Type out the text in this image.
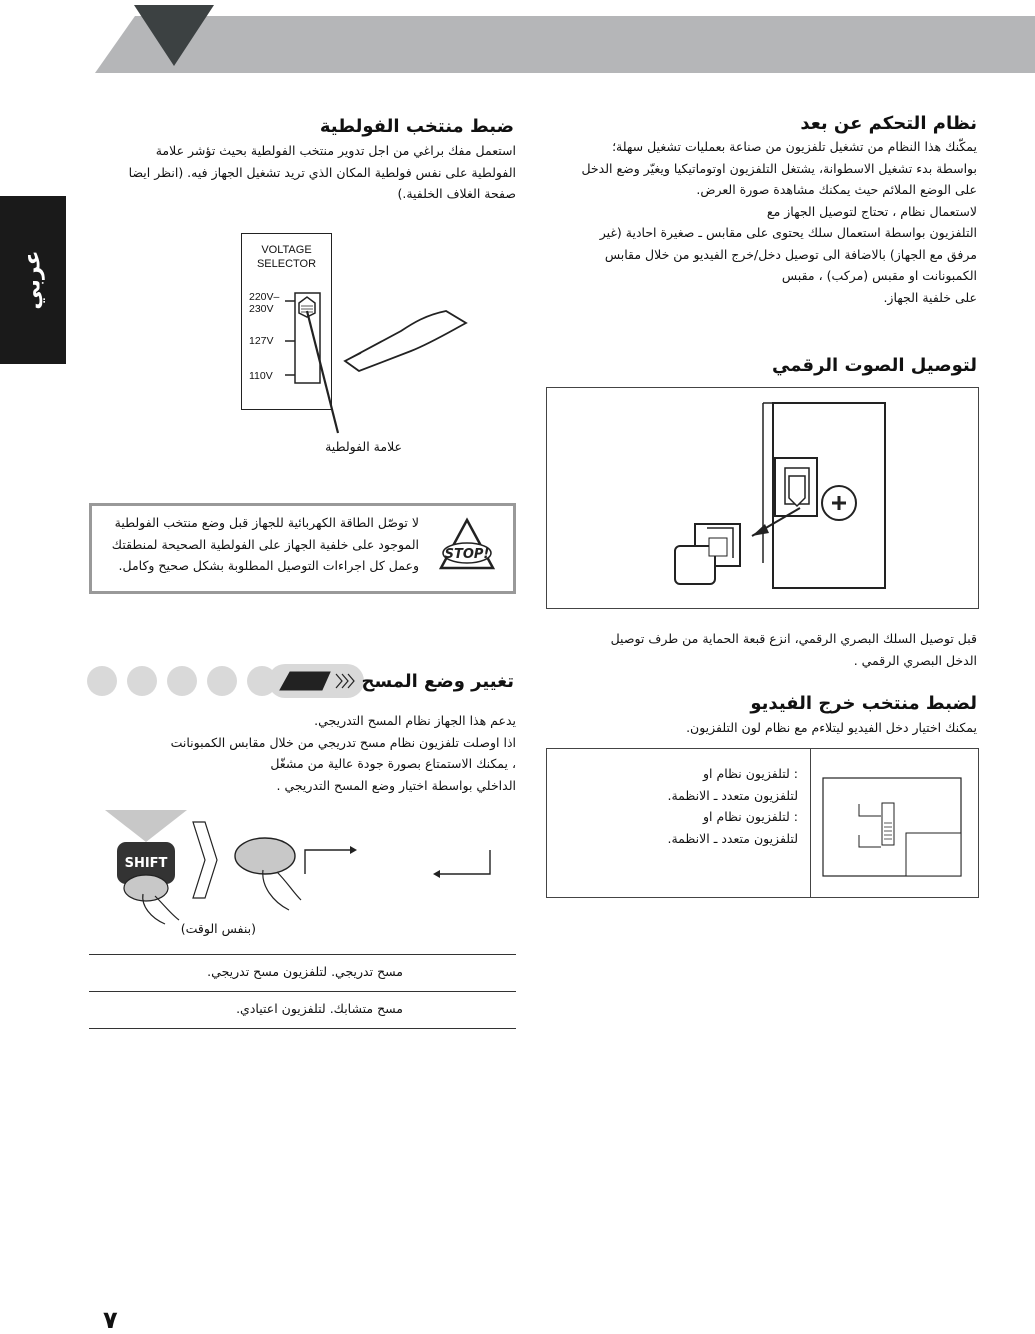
عربي
نظام التحكم عن بعد
يمكّنك هذا النظام من تشغيل تلفزيون من صناعة بعمليات تشغيل سهلة؛
بواسطة بدء تشغيل الاسطوانة، يشتغل التلفزيون اوتوماتيكيا ويغيّر وضع الدخل
على الوضع الملائم حيث يمكنك مشاهدة صورة العرض.
لاستعمال نظام ، تحتاج لتوصيل الجهاز مع
التلفزيون بواسطة استعمال سلك يحتوى على مقابس ـ صغيرة احادية (غير
مرفق مع الجهاز) بالاضافة الى توصيل دخل/خرج الفيديو من خلال مقابس
الكمبونانت او مقبس (مركب) ، مقبس
على خلفية الجهاز.
لتوصيل الصوت الرقمي
قبل توصيل السلك البصري الرقمي، انزع قبعة الحماية من طرف توصيل
الدخل البصري الرقمي .
لضبط منتخب خرج الفيديو
يمكنك اختيار دخل الفيديو ليتلاءم مع نظام لون التلفزيون.
: لتلفزيون نظام او
لتلفزيون متعدد ـ الانظمة.
: لتلفزيون نظام او
لتلفزيون متعدد ـ الانظمة.
ضبط منتخب الفولطية
استعمل مفك براغي من اجل تدوير منتخب الفولطية بحيث تؤشر علامة
الفولطية على نفس فولطية المكان الذي تريد تشغيل الجهاز فيه. (انظر ايضا
صفحة الغلاف الخلفية.)
VOLTAGE
SELECTOR
220V–
230V
127V
110V
علامة الفولطية
STOP!
لا توصّل الطاقة الكهربائية للجهاز قبل وضع منتخب الفولطية
الموجود على خلفية الجهاز على الفولطية الصحيحة لمنطقتك
وعمل كل اجراءات التوصيل المطلوبة بشكل صحيح وكامل.
تغيير وضع المسح
يدعم هذا الجهاز نظام المسح التدريجي.
اذا اوصلت تلفزيون نظام مسح تدريجي من خلال مقابس الكمبونانت
، يمكنك الاستمتاع بصورة جودة عالية من مشغّل
الداخلي بواسطة اختيار وضع المسح التدريجي .
SHIFT
(بنفس الوقت)
مسح تدريجي. لتلفزيون مسح تدريجي.
مسح متشابك. لتلفزيون اعتيادي.
٧
